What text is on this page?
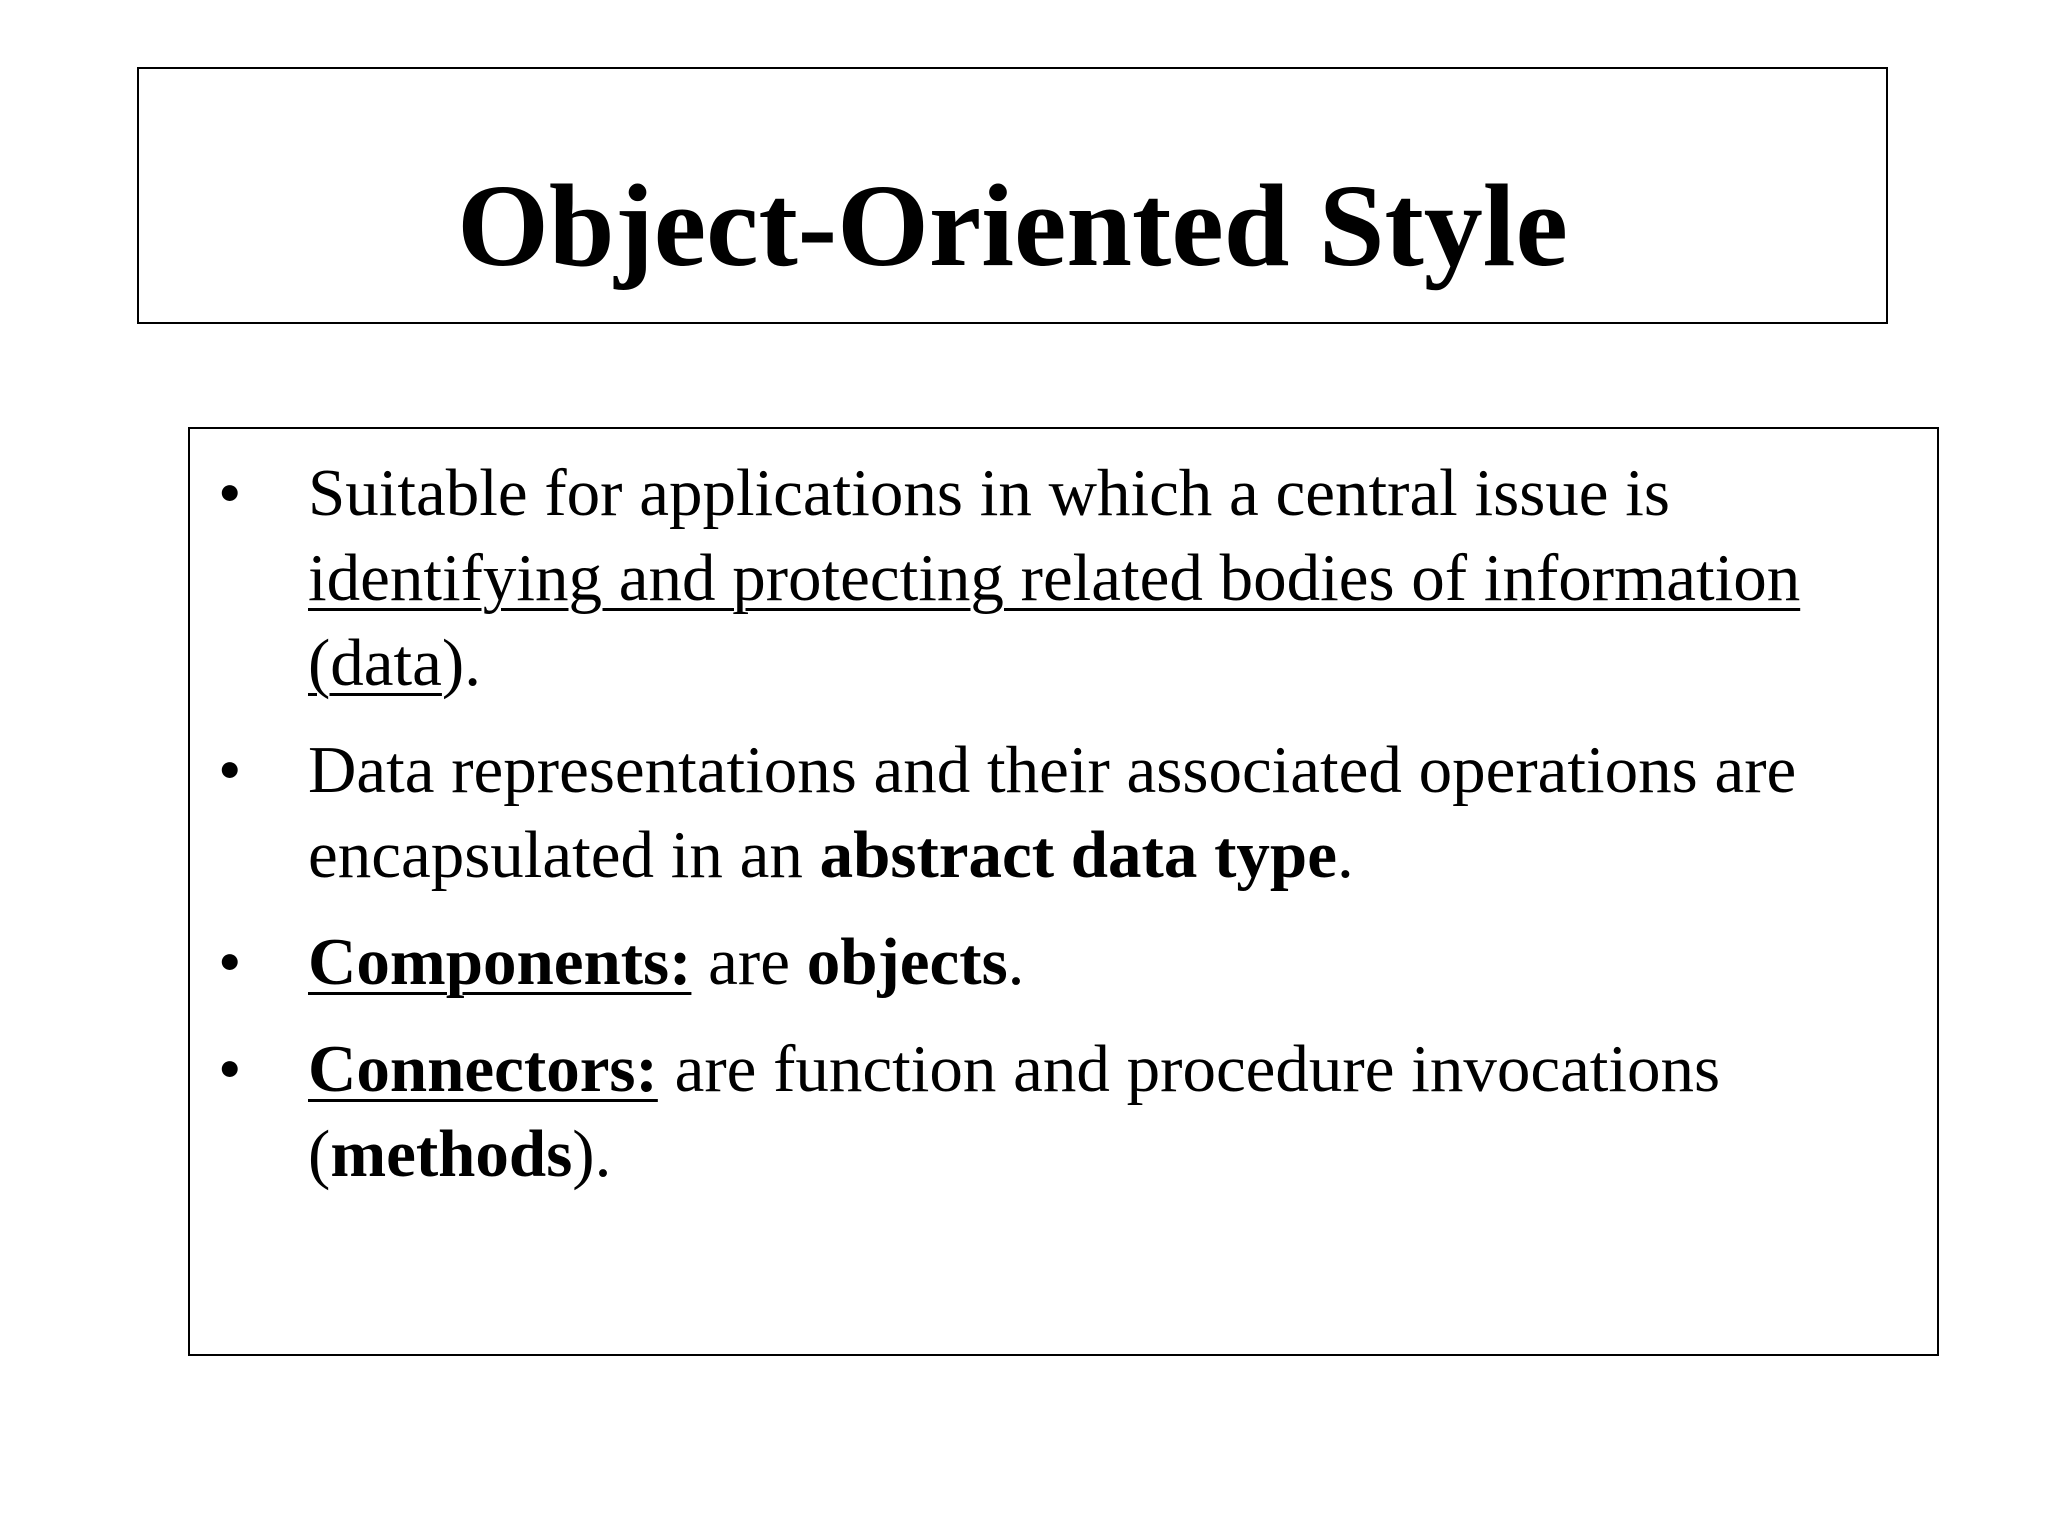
Object-Oriented Style
• Suitable for applications in which a central issue is identifying and protecting related bodies of information (data).
• Data representations and their associated operations are encapsulated in an abstract data type.
• Components: are objects.
• Connectors: are function and procedure invocations (methods).
